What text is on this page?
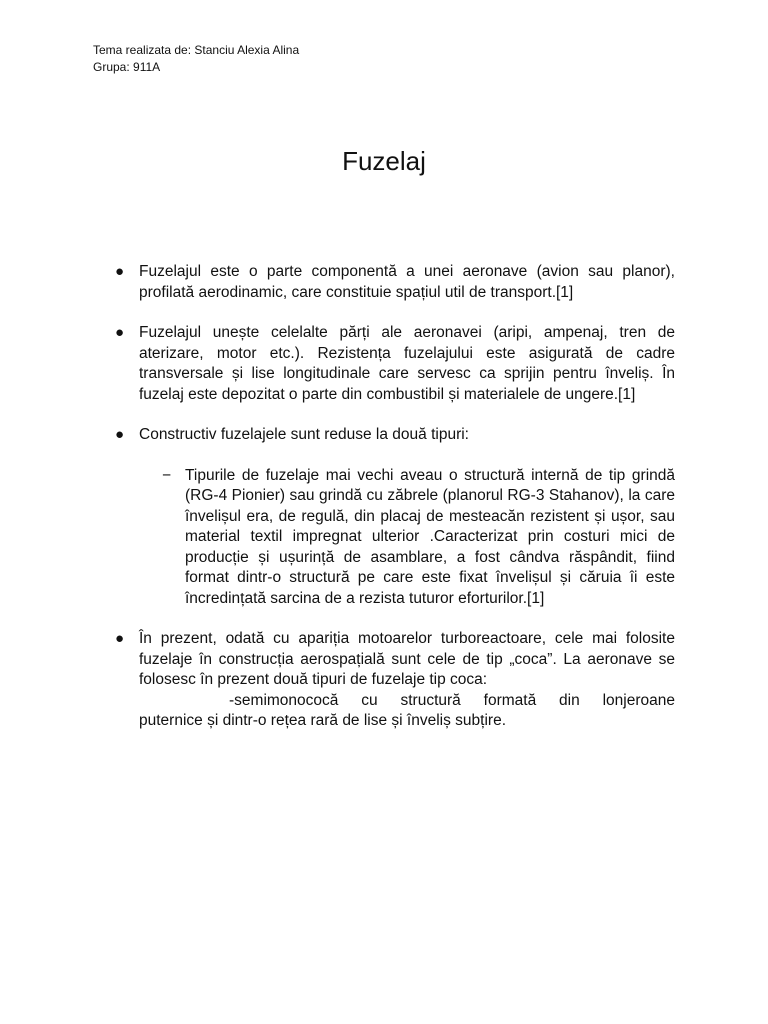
Tema realizata de: Stanciu Alexia Alina
Grupa: 911A
Fuzelaj
● Fuzelajul este o parte componentă a unei aeronave (avion sau planor), profilată aerodinamic, care constituie spațiul util de transport.[1]
● Fuzelajul unește celelalte părți ale aeronavei (aripi, ampenaj, tren de aterizare, motor etc.). Rezistența fuzelajului este asigurată de cadre transversale și lise longitudinale care servesc ca sprijin pentru înveliș. În fuzelaj este depozitat o parte din combustibil și materialele de ungere.[1]
● Constructiv fuzelajele sunt reduse la două tipuri:
− Tipurile de fuzelaje mai vechi aveau o structură internă de tip grindă (RG-4 Pionier) sau grindă cu zăbrele (planorul RG-3 Stahanov), la care învelișul era, de regulă, din placaj de mesteacăn rezistent și ușor, sau material textil impregnat ulterior .Caracterizat prin costuri mici de producție și ușurință de asamblare, a fost cândva răspândit, fiind format dintr-o structură pe care este fixat învelișul și căruia îi este încredințată sarcina de a rezista tuturor eforturilor.[1]
● În prezent, odată cu apariția motoarelor turboreactoare, cele mai folosite fuzelaje în construcția aerospațială sunt cele de tip „coca”. La aeronave se folosesc în prezent două tipuri de fuzelaje tip coca:
-semimonococă cu structură formată din lonjeroane
puternice și dintr-o rețea rară de lise și înveliș subțire.
